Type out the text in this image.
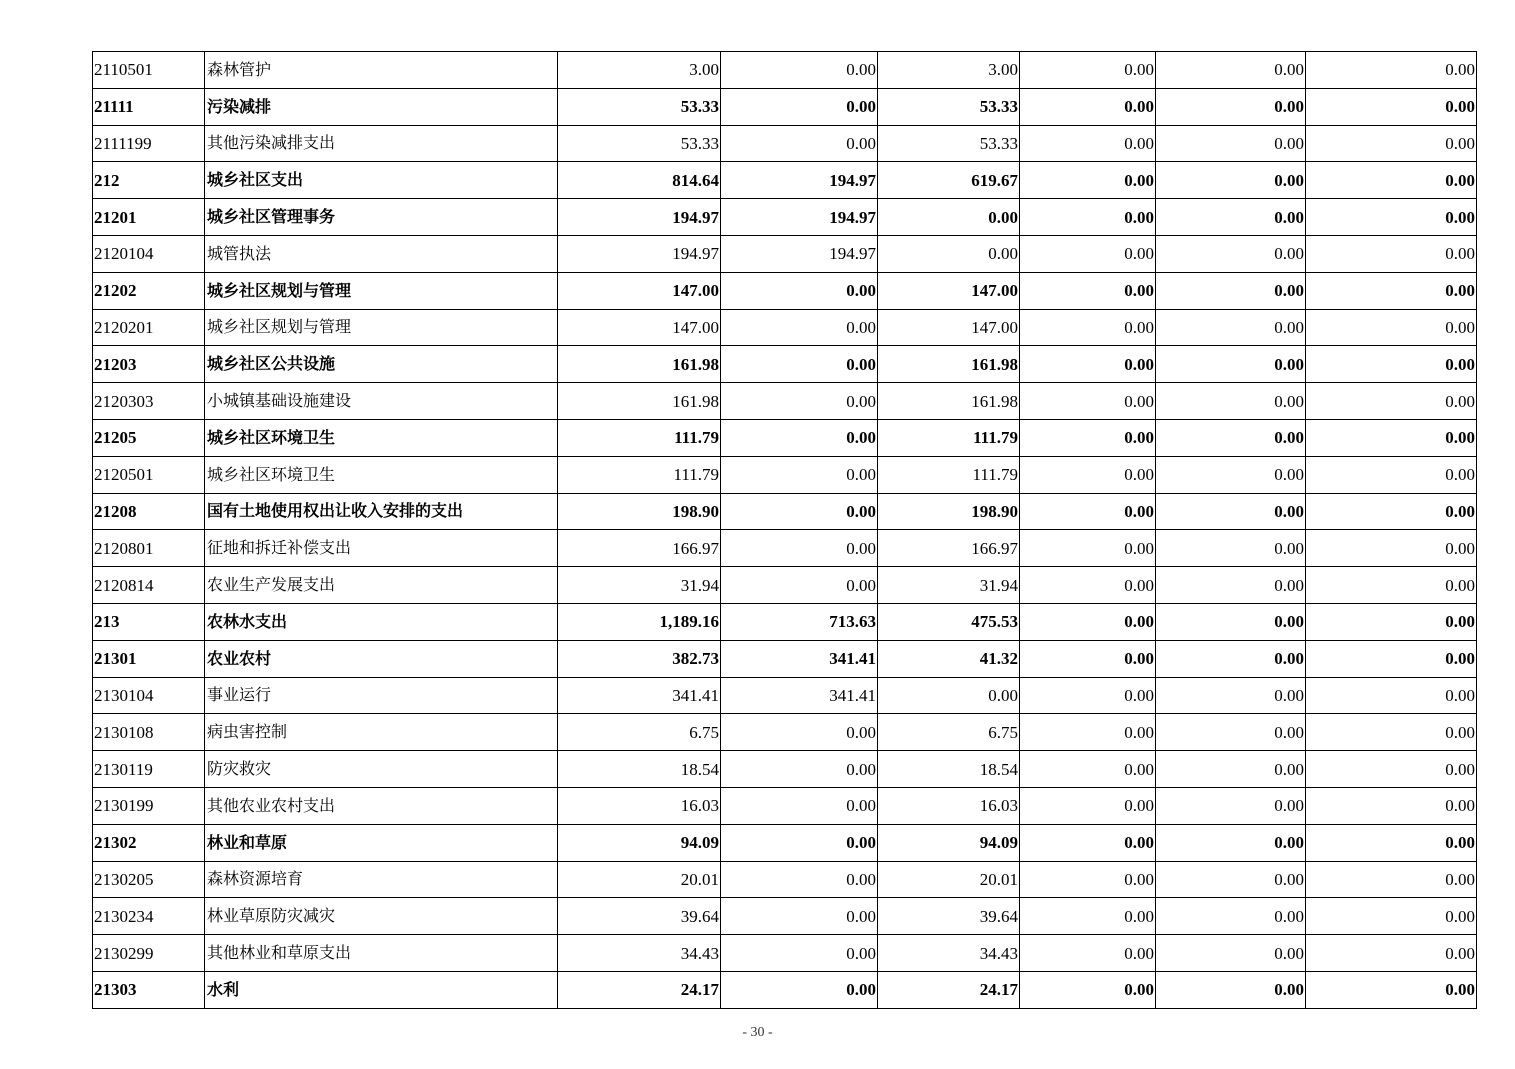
2110501	森林管护	3.00	0.00	3.00	0.00	0.00	0.00
21111	污染减排	53.33	0.00	53.33	0.00	0.00	0.00
2111199	其他污染减排支出	53.33	0.00	53.33	0.00	0.00	0.00
212	城乡社区支出	814.64	194.97	619.67	0.00	0.00	0.00
21201	城乡社区管理事务	194.97	194.97	0.00	0.00	0.00	0.00
2120104	城管执法	194.97	194.97	0.00	0.00	0.00	0.00
21202	城乡社区规划与管理	147.00	0.00	147.00	0.00	0.00	0.00
2120201	城乡社区规划与管理	147.00	0.00	147.00	0.00	0.00	0.00
21203	城乡社区公共设施	161.98	0.00	161.98	0.00	0.00	0.00
2120303	小城镇基础设施建设	161.98	0.00	161.98	0.00	0.00	0.00
21205	城乡社区环境卫生	111.79	0.00	111.79	0.00	0.00	0.00
2120501	城乡社区环境卫生	111.79	0.00	111.79	0.00	0.00	0.00
21208	国有土地使用权出让收入安排的支出	198.90	0.00	198.90	0.00	0.00	0.00
2120801	征地和拆迁补偿支出	166.97	0.00	166.97	0.00	0.00	0.00
2120814	农业生产发展支出	31.94	0.00	31.94	0.00	0.00	0.00
213	农林水支出	1,189.16	713.63	475.53	0.00	0.00	0.00
21301	农业农村	382.73	341.41	41.32	0.00	0.00	0.00
2130104	事业运行	341.41	341.41	0.00	0.00	0.00	0.00
2130108	病虫害控制	6.75	0.00	6.75	0.00	0.00	0.00
2130119	防灾救灾	18.54	0.00	18.54	0.00	0.00	0.00
2130199	其他农业农村支出	16.03	0.00	16.03	0.00	0.00	0.00
21302	林业和草原	94.09	0.00	94.09	0.00	0.00	0.00
2130205	森林资源培育	20.01	0.00	20.01	0.00	0.00	0.00
2130234	林业草原防灾减灾	39.64	0.00	39.64	0.00	0.00	0.00
2130299	其他林业和草原支出	34.43	0.00	34.43	0.00	0.00	0.00
21303	水利	24.17	0.00	24.17	0.00	0.00	0.00
- 30 -
